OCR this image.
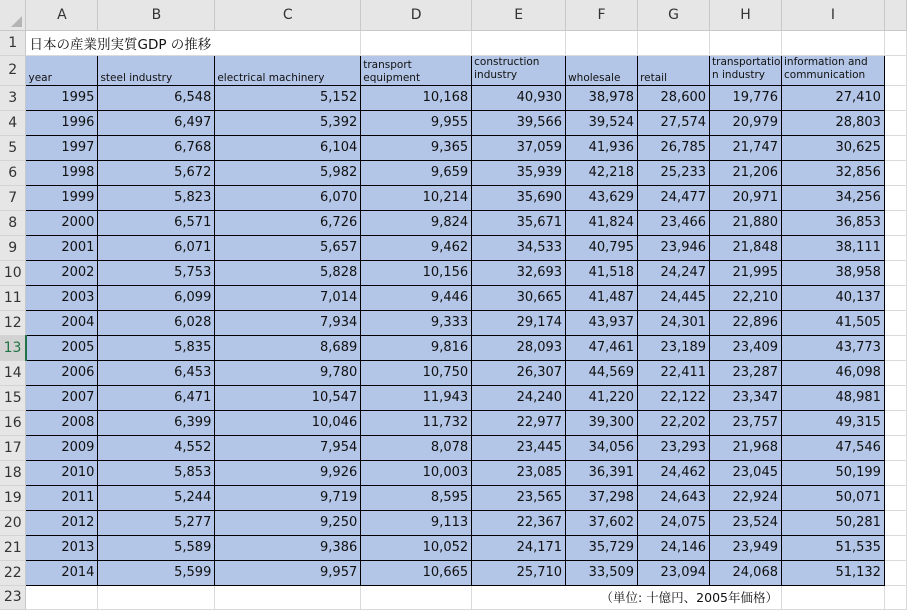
	A	B	C	D	E	F	G	H	I	
1	日本の産業別実質GDP の推移									
2	year	steel industry	electrical machinery	transport equipment	construction industry	wholesale	retail	transportatio n industry	information and communication	
3	1995	6,548	5,152	10,168	40,930	38,978	28,600	19,776	27,410	
4	1996	6,497	5,392	9,955	39,566	39,524	27,574	20,979	28,803	
5	1997	6,768	6,104	9,365	37,059	41,936	26,785	21,747	30,625	
6	1998	5,672	5,982	9,659	35,939	42,218	25,233	21,206	32,856	
7	1999	5,823	6,070	10,214	35,690	43,629	24,477	20,971	34,256	
8	2000	6,571	6,726	9,824	35,671	41,824	23,466	21,880	36,853	
9	2001	6,071	5,657	9,462	34,533	40,795	23,946	21,848	38,111	
10	2002	5,753	5,828	10,156	32,693	41,518	24,247	21,995	38,958	
11	2003	6,099	7,014	9,446	30,665	41,487	24,445	22,210	40,137	
12	2004	6,028	7,934	9,333	29,174	43,937	24,301	22,896	41,505	
13	2005	5,835	8,689	9,816	28,093	47,461	23,189	23,409	43,773	
14	2006	6,453	9,780	10,750	26,307	44,569	22,411	23,287	46,098	
15	2007	6,471	10,547	11,943	24,240	41,220	22,122	23,347	48,981	
16	2008	6,399	10,046	11,732	22,977	39,300	22,202	23,757	49,315	
17	2009	4,552	7,954	8,078	23,445	34,056	23,293	21,968	47,546	
18	2010	5,853	9,926	10,003	23,085	36,391	24,462	23,045	50,199	
19	2011	5,244	9,719	8,595	23,565	37,298	24,643	22,924	50,071	
20	2012	5,277	9,250	9,113	22,367	37,602	24,075	23,524	50,281	
21	2013	5,589	9,386	10,052	24,171	35,729	24,146	23,949	51,535	
22	2014	5,599	9,957	10,665	25,710	33,509	23,094	24,068	51,132	
23					（単位: 十億円、2005年価格）					
